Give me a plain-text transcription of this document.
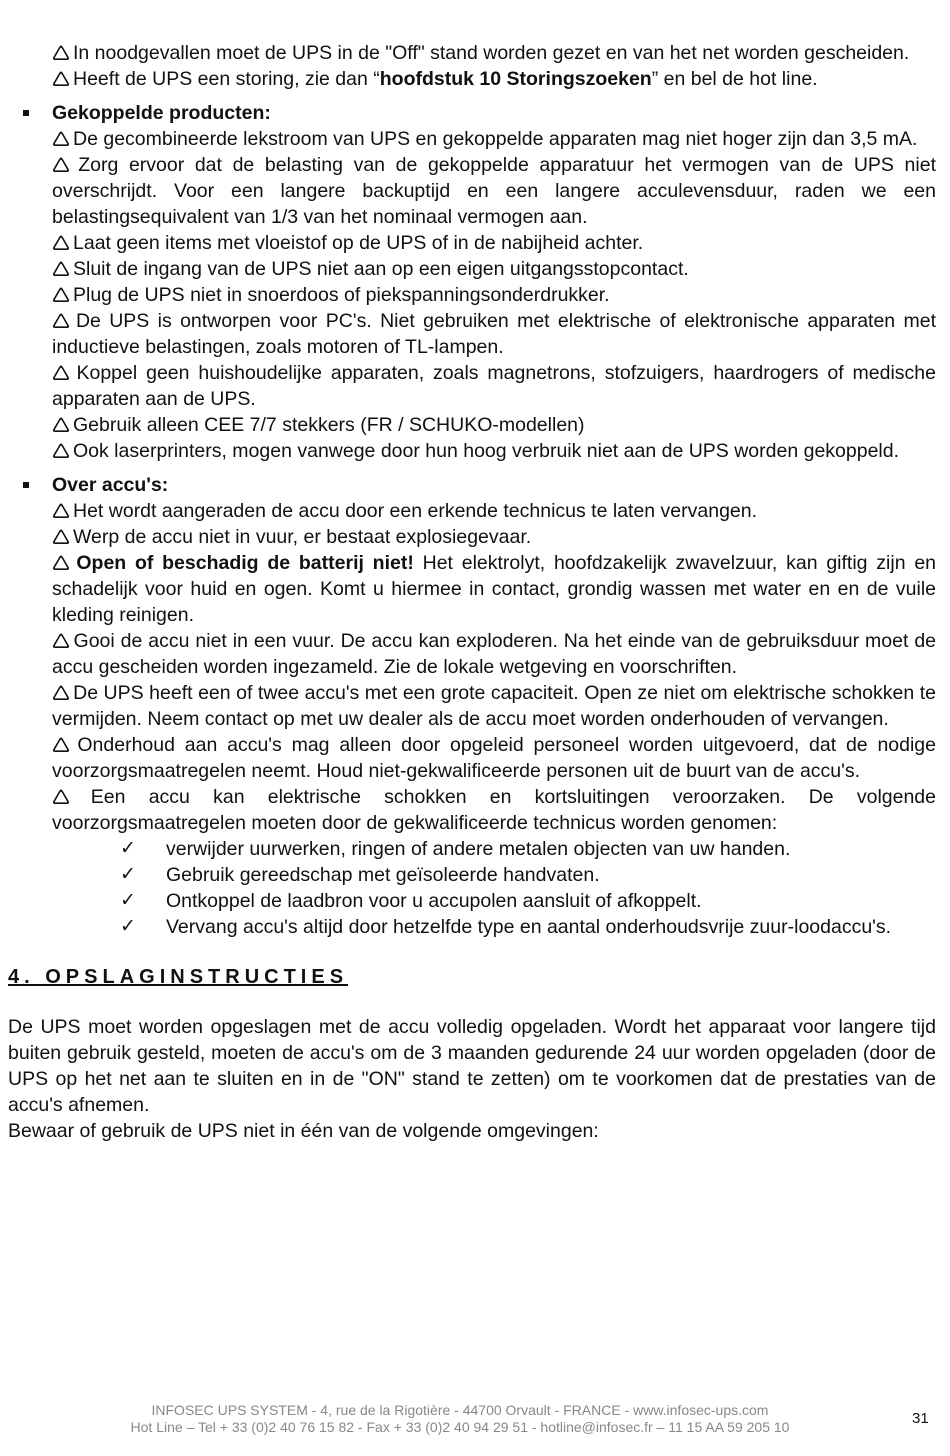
🛆 In noodgevallen moet de UPS in de "Off" stand worden gezet en van het net worden gescheiden.
🛆 Heeft de UPS een storing, zie dan “hoofdstuk 10 Storingszoeken” en bel de hot line.
Gekoppelde producten:
🛆 De gecombineerde lekstroom van UPS en gekoppelde apparaten mag niet hoger zijn dan 3,5 mA.
🛆 Zorg ervoor dat de belasting van de gekoppelde apparatuur het vermogen van de UPS niet overschrijdt. Voor een langere backuptijd en een langere acculevensduur, raden we een belastingsequivalent van 1/3 van het nominaal vermogen aan.
🛆 Laat geen items met vloeistof op de UPS of in de nabijheid achter.
🛆 Sluit de ingang van de UPS niet aan op een eigen uitgangsstopcontact.
🛆 Plug de UPS niet in snoerdoos of piekspanningsonderdrukker.
🛆 De UPS is ontworpen voor PC's. Niet gebruiken met elektrische of elektronische apparaten met inductieve belastingen, zoals motoren of TL-lampen.
🛆 Koppel geen huishoudelijke apparaten, zoals magnetrons, stofzuigers, haardrogers of medische apparaten aan de UPS.
🛆 Gebruik alleen CEE 7/7 stekkers (FR / SCHUKO-modellen)
🛆 Ook laserprinters, mogen vanwege door hun hoog verbruik niet aan de UPS worden gekoppeld.
Over accu's:
🛆 Het wordt aangeraden de accu door een erkende technicus te laten vervangen.
🛆 Werp de accu niet in vuur, er bestaat explosiegevaar.
🛆 Open of beschadig de batterij niet! Het elektrolyt, hoofdzakelijk zwavelzuur, kan giftig zijn en schadelijk voor huid en ogen. Komt u hiermee in contact, grondig wassen met water en en de vuile kleding reinigen.
🛆 Gooi de accu niet in een vuur. De accu kan exploderen. Na het einde van de gebruiksduur moet de accu gescheiden worden ingezameld. Zie de lokale wetgeving en voorschriften.
🛆 De UPS heeft een of twee accu's met een grote capaciteit. Open ze niet om elektrische schokken te vermijden. Neem contact op met uw dealer als de accu moet worden onderhouden of vervangen.
🛆 Onderhoud aan accu's mag alleen door opgeleid personeel worden uitgevoerd, dat de nodige voorzorgsmaatregelen neemt. Houd niet-gekwalificeerde personen uit de buurt van de accu's.
🛆 Een accu kan elektrische schokken en kortsluitingen veroorzaken. De volgende voorzorgsmaatregelen moeten door de gekwalificeerde technicus worden genomen:
✓ verwijder uurwerken, ringen of andere metalen objecten van uw handen.
✓ Gebruik gereedschap met geïsoleerde handvaten.
✓ Ontkoppel de laadbron voor u accupolen aansluit of afkoppelt.
✓ Vervang accu's altijd door hetzelfde type en aantal onderhoudsvrije zuur-loodaccu's.
4. OPSLAGINSTRUCTIES
De UPS moet worden opgeslagen met de accu volledig opgeladen. Wordt het apparaat voor langere tijd buiten gebruik gesteld, moeten de accu's om de 3 maanden gedurende 24 uur worden opgeladen (door de UPS op het net aan te sluiten en in de "ON" stand te zetten) om te voorkomen dat de prestaties van de accu's afnemen.
Bewaar of gebruik de UPS niet in één van de volgende omgevingen:
INFOSEC UPS SYSTEM - 4, rue de la Rigotière - 44700 Orvault - FRANCE - www.infosec-ups.com
Hot Line – Tel + 33 (0)2 40 76 15 82 - Fax + 33 (0)2 40 94 29 51 - hotline@infosec.fr – 11 15 AA 59 205 10	31
